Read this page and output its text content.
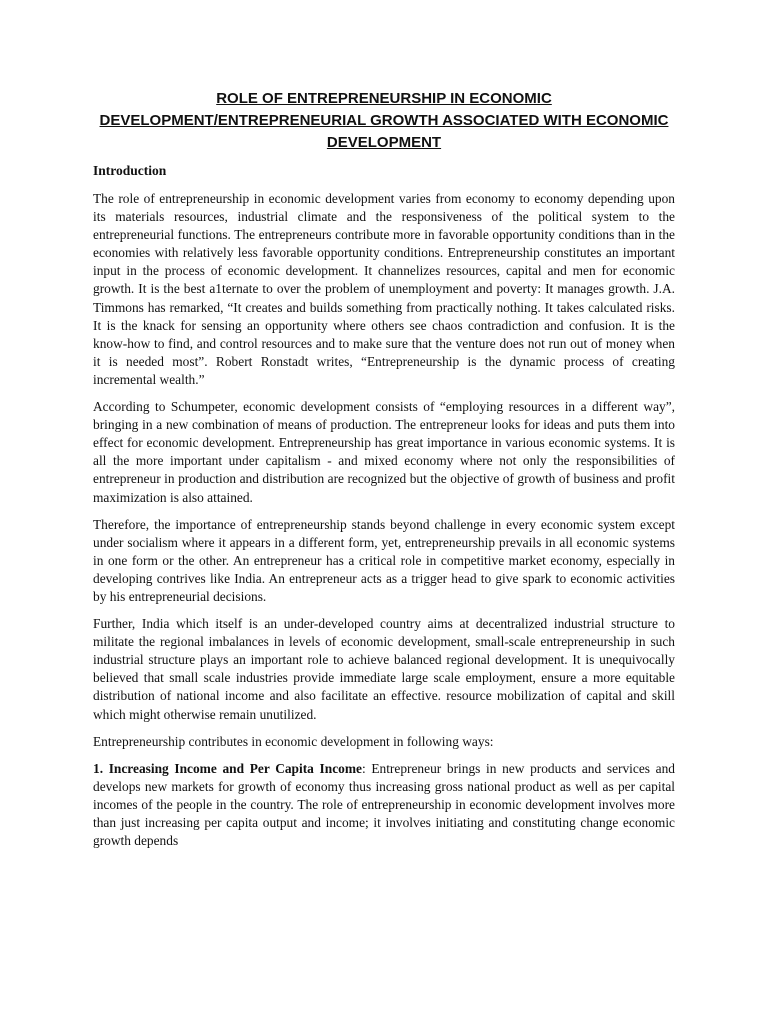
ROLE OF ENTREPRENEURSHIP IN ECONOMIC DEVELOPMENT/ENTREPRENEURIAL GROWTH ASSOCIATED WITH ECONOMIC DEVELOPMENT
Introduction

The role of entrepreneurship in economic development varies from economy to economy depending upon its materials resources, industrial climate and the responsiveness of the political system to the entrepreneurial functions. The entrepreneurs contribute more in favorable opportunity conditions than in the economies with relatively less favorable opportunity conditions. Entrepreneurship constitutes an important input in the process of economic development. It channelizes resources, capital and men for economic growth. It is the best a1ternate to over the problem of unemployment and poverty: It manages growth. J.A. Timmons has remarked, “It creates and builds something from practically nothing. It takes calculated risks. It is the knack for sensing an opportunity where others see chaos contradiction and confusion. It is the know-how to find, and control resources and to make sure that the venture does not run out of money when it is needed most”. Robert Ronstadt writes, “Entrepreneurship is the dynamic process of creating incremental wealth.”

According to Schumpeter, economic development consists of “employing resources in a different way”, bringing in a new combination of means of production. The entrepreneur looks for ideas and puts them into effect for economic development. Entrepreneurship has great importance in various economic systems. It is all the more important under capitalism - and mixed economy where not only the responsibilities of entrepreneur in production and distribution are recognized but the objective of growth of business and profit maximization is also attained.

Therefore, the importance of entrepreneurship stands beyond challenge in every economic system except under socialism where it appears in a different form, yet, entrepreneurship prevails in all economic systems in one form or the other. An entrepreneur has a critical role in competitive market economy, especially in developing contrives like India. An entrepreneur acts as a trigger head to give spark to economic activities by his entrepreneurial decisions.

Further, India which itself is an under-developed country aims at decentralized industrial structure to militate the regional imbalances in levels of economic development, small-scale entrepreneurship in such industrial structure plays an important role to achieve balanced regional development. It is unequivocally believed that small scale industries provide immediate large scale employment, ensure a more equitable distribution of national income and also facilitate an effective. resource mobilization of capital and skill which might otherwise remain unutilized.

Entrepreneurship contributes in economic development in following ways:

1. Increasing Income and Per Capita Income: Entrepreneur brings in new products and services and develops new markets for growth of economy thus increasing gross national product as well as per capital incomes of the people in the country. The role of entrepreneurship in economic development involves more than just increasing per capita output and income; it involves initiating and constituting change economic growth depends
